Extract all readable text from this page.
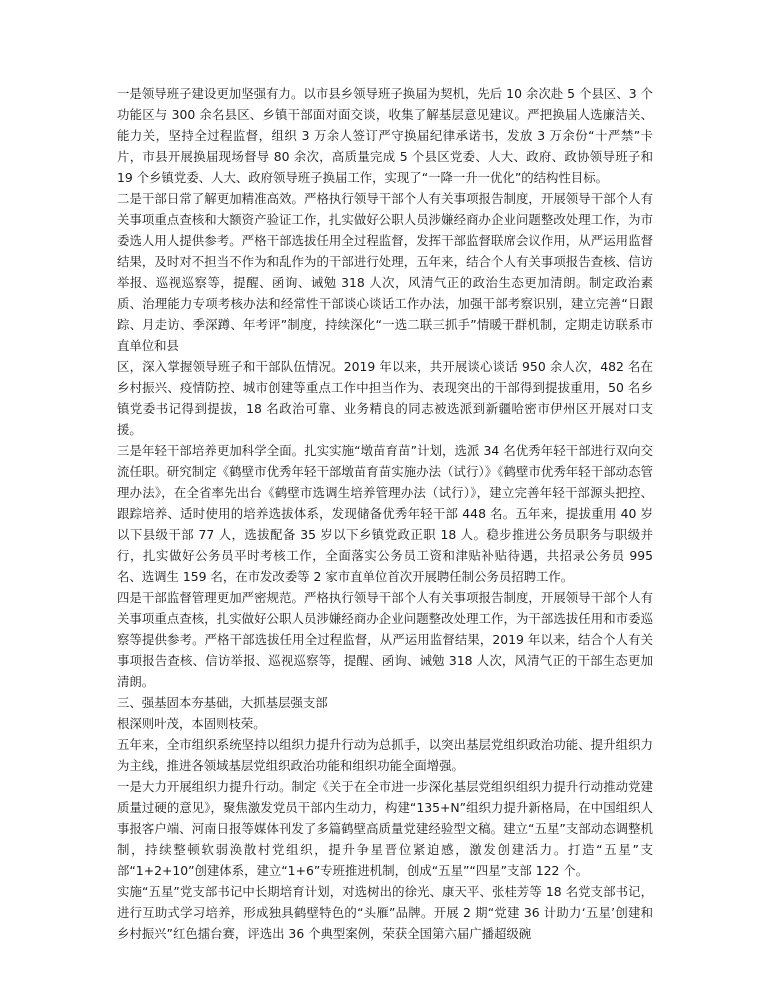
一是领导班子建设更加坚强有力。以市县乡领导班子换届为契机，先后 10 余次赴 5 个县区、3 个功能区与 300 余名县区、乡镇干部面对面交谈，收集了解基层意见建议。严把换届人选廉洁关、能力关，坚持全过程监督，组织 3 万余人签订严守换届纪律承诺书，发放 3 万余份“十严禁”卡片，市县开展换届现场督导 80 余次，高质量完成 5 个县区党委、人大、政府、政协领导班子和 19 个乡镇党委、人大、政府领导班子换届工作，实现了“一降一升一优化”的结构性目标。

二是干部日常了解更加精准高效。严格执行领导干部个人有关事项报告制度，开展领导干部个人有关事项重点查核和大额资产验证工作，扎实做好公职人员涉嫌经商办企业问题整改处理工作，为市委选人用人提供参考。严格干部选拔任用全过程监督，发挥干部监督联席会议作用，从严运用监督结果，及时对不担当不作为和乱作为的干部进行处理，五年来，结合个人有关事项报告查核、信访举报、巡视巡察等，提醒、函询、诫勉 318 人次，风清气正的政治生态更加清朗。制定政治素质、治理能力专项考核办法和经常性干部谈心谈话工作办法，加强干部考察识别，建立完善“日跟踪、月走访、季深蹲、年考评”制度，持续深化“一选二联三抓手”情暖干群机制，定期走访联系市直单位和县

区，深入掌握领导班子和干部队伍情况。2019 年以来，共开展谈心谈话 950 余人次，482 名在乡村振兴、疫情防控、城市创建等重点工作中担当作为、表现突出的干部得到提拔重用，50 名乡镇党委书记得到提拔，18 名政治可靠、业务精良的同志被选派到新疆哈密市伊州区开展对口支援。

三是年轻干部培养更加科学全面。扎实实施“墩苗育苗”计划，选派 34 名优秀年轻干部进行双向交流任职。研究制定《鹤壁市优秀年轻干部墩苗育苗实施办法（试行）》《鹤壁市优秀年轻干部动态管理办法》，在全省率先出台《鹤壁市选调生培养管理办法（试行）》，建立完善年轻干部源头把控、跟踪培养、适时使用的培养选拔体系，发现储备优秀年轻干部 448 名。五年来，提拔重用 40 岁以下县级干部 77 人，选拔配备 35 岁以下乡镇党政正职 18 人。稳步推进公务员职务与职级并行，扎实做好公务员平时考核工作，全面落实公务员工资和津贴补贴待遇，共招录公务员 995 名、选调生 159 名，在市发改委等 2 家市直单位首次开展聘任制公务员招聘工作。

四是干部监督管理更加严密规范。严格执行领导干部个人有关事项报告制度，开展领导干部个人有关事项重点查核，扎实做好公职人员涉嫌经商办企业问题整改处理工作，为干部选拔任用和市委巡察等提供参考。严格干部选拔任用全过程监督，从严运用监督结果，2019 年以来，结合个人有关事项报告查核、信访举报、巡视巡察等，提醒、函询、诫勉 318 人次，风清气正的干部生态更加清朗。

三、强基固本夯基础，大抓基层强支部

根深则叶茂，本固则枝荣。

五年来，全市组织系统坚持以组织力提升行动为总抓手，以突出基层党组织政治功能、提升组织力为主线，推进各领域基层党组织政治功能和组织功能全面增强。

一是大力开展组织力提升行动。制定《关于在全市进一步深化基层党组织组织力提升行动推动党建质量过硬的意见》，聚焦激发党员干部内生动力，构建“135+N”组织力提升新格局，在中国组织人事报客户端、河南日报等媒体刊发了多篇鹤壁高质量党建经验型文稿。建立“五星”支部动态调整机制，持续整顿软弱涣散村党组织，提升争星晋位紧迫感，激发创建活力。打造“五星”支部“1+2+10”创建体系，建立“1+6”专班推进机制，创成“五星”“四星”支部 122 个。

实施“五星”党支部书记中长期培育计划，对选树出的徐光、康天平、张桂芳等 18 名党支部书记，进行互助式学习培养，形成独具鹤壁特色的“头雁”品牌。开展 2 期“党建 36 计助力‘五星’创建和乡村振兴”红色擂台赛，评选出 36 个典型案例，荣获全国第六届广播超级碗
